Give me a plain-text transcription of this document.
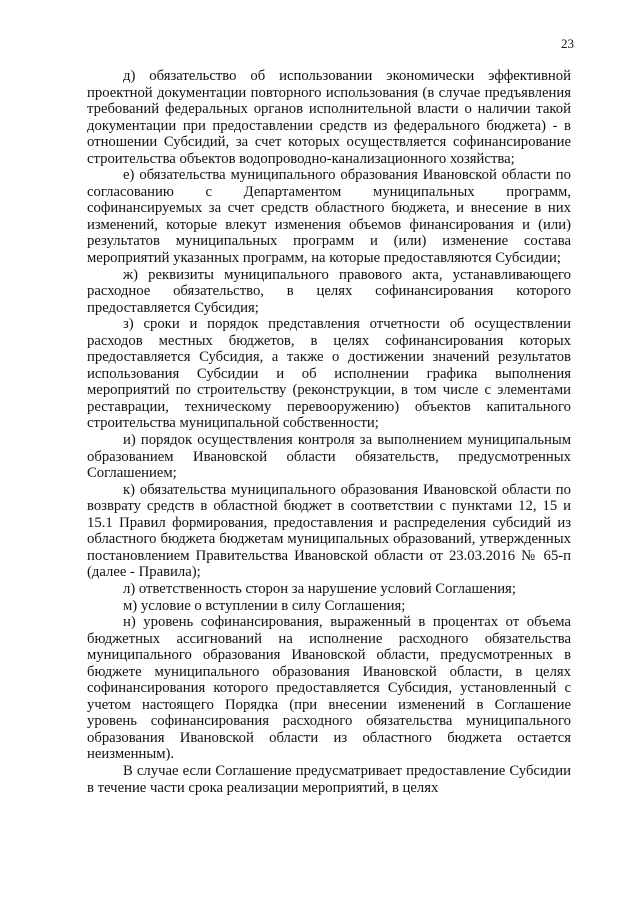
23

д) обязательство об использовании экономически эффективной проектной документации повторного использования (в случае предъявления требований федеральных органов исполнительной власти о наличии такой документации при предоставлении средств из федерального бюджета) - в отношении Субсидий, за счет которых осуществляется софинансирование строительства объектов водопроводно-канализационного хозяйства;

е) обязательства муниципального образования Ивановской области по согласованию с Департаментом муниципальных программ, софинансируемых за счет средств областного бюджета, и внесение в них изменений, которые влекут изменения объемов финансирования и (или) результатов муниципальных программ и (или) изменение состава мероприятий указанных программ, на которые предоставляются Субсидии;

ж) реквизиты муниципального правового акта, устанавливающего расходное обязательство, в целях софинансирования которого предоставляется Субсидия;

з) сроки и порядок представления отчетности об осуществлении расходов местных бюджетов, в целях софинансирования которых предоставляется Субсидия, а также о достижении значений результатов использования Субсидии и об исполнении графика выполнения мероприятий по строительству (реконструкции, в том числе с элементами реставрации, техническому перевооружению) объектов капитального строительства муниципальной собственности;

и) порядок осуществления контроля за выполнением муниципальным образованием Ивановской области обязательств, предусмотренных Соглашением;

к) обязательства муниципального образования Ивановской области по возврату средств в областной бюджет в соответствии с пунктами 12, 15 и 15.1 Правил формирования, предоставления и распределения субсидий из областного бюджета бюджетам муниципальных образований, утвержденных постановлением Правительства Ивановской области от 23.03.2016 № 65-п (далее - Правила);

л) ответственность сторон за нарушение условий Соглашения;

м) условие о вступлении в силу Соглашения;

н) уровень софинансирования, выраженный в процентах от объема бюджетных ассигнований на исполнение расходного обязательства муниципального образования Ивановской области, предусмотренных в бюджете муниципального образования Ивановской области, в целях софинансирования которого предоставляется Субсидия, установленный с учетом настоящего Порядка (при внесении изменений в Соглашение уровень софинансирования расходного обязательства муниципального образования Ивановской области из областного бюджета остается неизменным).

В случае если Соглашение предусматривает предоставление Субсидии в течение части срока реализации мероприятий, в целях
